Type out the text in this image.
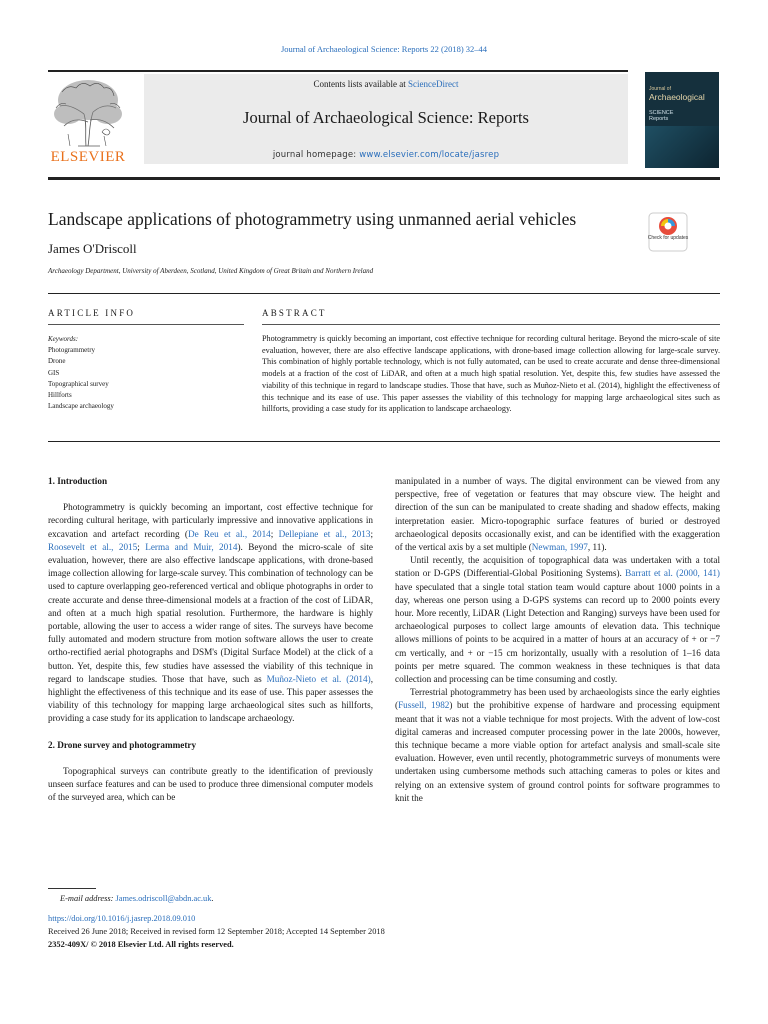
Journal of Archaeological Science: Reports 22 (2018) 32–44
ELSEVIER
Contents lists available at ScienceDirect
Journal of Archaeological Science: Reports
journal homepage: www.elsevier.com/locate/jasrep
Journal of
Archaeological
SCIENCE
Reports
Landscape applications of photogrammetry using unmanned aerial vehicles
Check for updates
James O'Driscoll
Archaeology Department, University of Aberdeen, Scotland, United Kingdom of Great Britain and Northern Ireland
ARTICLE INFO	ABSTRACT
Keywords:
Photogrammetry
Drone
GIS
Topographical survey
Hillforts
Landscape archaeology
Photogrammetry is quickly becoming an important, cost effective technique for recording cultural heritage. Beyond the micro-scale of site evaluation, however, there are also effective landscape applications, with drone-based image collection allowing for large-scale survey. This combination of highly portable technology, which is not fully automated, can be used to create accurate and dense three-dimensional models at a fraction of the cost of LiDAR, and often at a much high spatial resolution. Yet, despite this, few studies have assessed the viability of this technique in regard to landscape studies. Those that have, such as Muñoz-Nieto et al. (2014), highlight the effectiveness of this technique and its ease of use. This paper assesses the viability of this technology for mapping large archaeological sites such as hillforts, providing a case study for its application to landscape archaeology.
1. Introduction

Photogrammetry is quickly becoming an important, cost effective technique for recording cultural heritage, with particularly impressive and innovative applications in excavation and artefact recording (De Reu et al., 2014; Dellepiane et al., 2013; Roosevelt et al., 2015; Lerma and Muir, 2014). Beyond the micro-scale of site evaluation, however, there are also effective landscape applications, with drone-based image collection allowing for large-scale survey. This combination of technology can be used to capture overlapping geo-referenced vertical and oblique photographs in order to create accurate and dense three-dimensional models at a fraction of the cost of LiDAR, and often at a much high spatial resolution. Furthermore, the hardware is highly portable, allowing the user to access a wider range of sites. The surveys have become fully automated and modern structure from motion software allows the user to create ortho-rectified aerial photographs and DSM's (Digital Surface Model) at the click of a button. Yet, despite this, few studies have assessed the viability of this technique in regard to landscape studies. Those that have, such as Muñoz-Nieto et al. (2014), highlight the effectiveness of this technique and its ease of use. This paper assesses the viability of this technology for mapping large archaeological sites such as hillforts, providing a case study for its application to landscape archaeology.

2. Drone survey and photogrammetry

Topographical surveys can contribute greatly to the identification of previously unseen surface features and can be used to produce three dimensional computer models of the surveyed area, which can be

manipulated in a number of ways. The digital environment can be viewed from any perspective, free of vegetation or features that may obscure view. The height and direction of the sun can be manipulated to create shading and shadow effects, making interpretation easier. Micro-topographic surface features of buried or destroyed archaeological deposits occasionally exist, and can be identified with the exaggeration of the vertical axis by a set multiple (Newman, 1997, 11).

Until recently, the acquisition of topographical data was undertaken with a total station or D-GPS (Differential-Global Positioning Systems). Barratt et al. (2000, 141) have speculated that a single total station team would capture about 1000 points in a day, whereas one person using a D-GPS systems can record up to 2000 points every hour. More recently, LiDAR (Light Detection and Ranging) surveys have been used for archaeological purposes to collect large amounts of elevation data. This technique allows millions of points to be acquired in a matter of hours at an accuracy of + or −7 cm vertically, and + or −15 cm horizontally, usually with a resolution of 1–16 data points per metre squared. The common weakness in these techniques is that data collection and processing can be time consuming and costly.

Terrestrial photogrammetry has been used by archaeologists since the early eighties (Fussell, 1982) but the prohibitive expense of hardware and processing equipment meant that it was not a viable technique for most projects. With the advent of low-cost digital cameras and increased computer processing power in the late 2000s, however, this technique became a more viable option for artefact analysis and small-scale site evaluation. However, even until recently, photogrammetric surveys of monuments were undertaken using cumbersome methods such attaching cameras to poles or kites and relying on an extensive system of ground control points for software programmes to knit the

E-mail address: James.odriscoll@abdn.ac.uk.
https://doi.org/10.1016/j.jasrep.2018.09.010
Received 26 June 2018; Received in revised form 12 September 2018; Accepted 14 September 2018
2352-409X/ © 2018 Elsevier Ltd. All rights reserved.
